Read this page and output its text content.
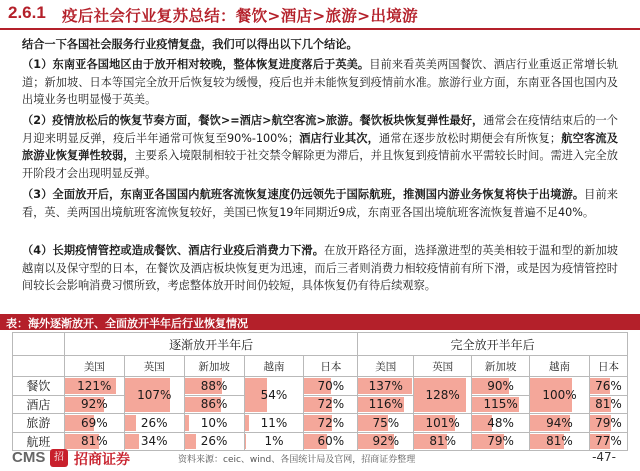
2.6.1 疫后社会行业复苏总结：餐饮>酒店>旅游>出境游

结合一下各国社会服务行业疫情复盘，我们可以得出以下几个结论。

（1）东南亚各国地区由于放开相对较晚，整体恢复进度落后于英美。目前来看英美两国餐饮、酒店行业重返正常增长轨道；新加坡、日本等国完全放开后恢复较为缓慢，疫后也并未能恢复到疫情前水准。旅游行业方面，东南亚各国也国内及出境业务也明显慢于英美。

（2）疫情放松后的恢复节奏方面，餐饮>=酒店>航空客流>旅游。餐饮板块恢复弹性最好，通常会在疫情结束后的一个月迎来明显反弹，疫后半年通常可恢复至90%-100%；酒店行业其次，通常在逐步放松时期便会有所恢复；航空客流及旅游业恢复弹性较弱，主要系入境限制相较于社交禁令解除更为滞后，并且恢复到疫情前水平需较长时间。需进入完全放开阶段才会出现明显反弹。

（3）全面放开后，东南亚各国国内航班客流恢复速度仍远领先于国际航班，推测国内游业务恢复将快于出境游。目前来看，英、美两国出境航班客流恢复较好，美国已恢复19年同期近9成，东南亚各国出境航班客流恢复普遍不足40%。

（4）长期疫情管控或造成餐饮、酒店行业疫后消费力下滑。在放开路径方面，选择激进型的英美相较于温和型的新加坡越南以及保守型的日本，在餐饮及酒店板块恢复更为迅速，而后三者则消费力相较疫情前有所下滑，或是因为疫情管控时间较长会影响消费习惯所致，考虑整体放开时间仍较短，具体恢复仍有待后续观察。

表：海外逐渐放开、全面放开半年后行业恢复情况
	逐渐放开半年后					完全放开半年后				
	美国	英国	新加坡	越南	日本	美国	英国	新加坡	越南	日本
餐饮	121%	107%	88%	54%	70%	137%	128%	90%	100%	76%
酒店	92%		86%		72%	116%		115%		81%
旅游	69%	26%	10%	11%	72%	75%	101%	48%	94%	79%
航班	81%	34%	26%	1%	60%	92%	81%	79%	81%	77%
CMS 招 招商证券	资料来源：ceic、wind、各国统计局及官网，招商证券整理	-47-
